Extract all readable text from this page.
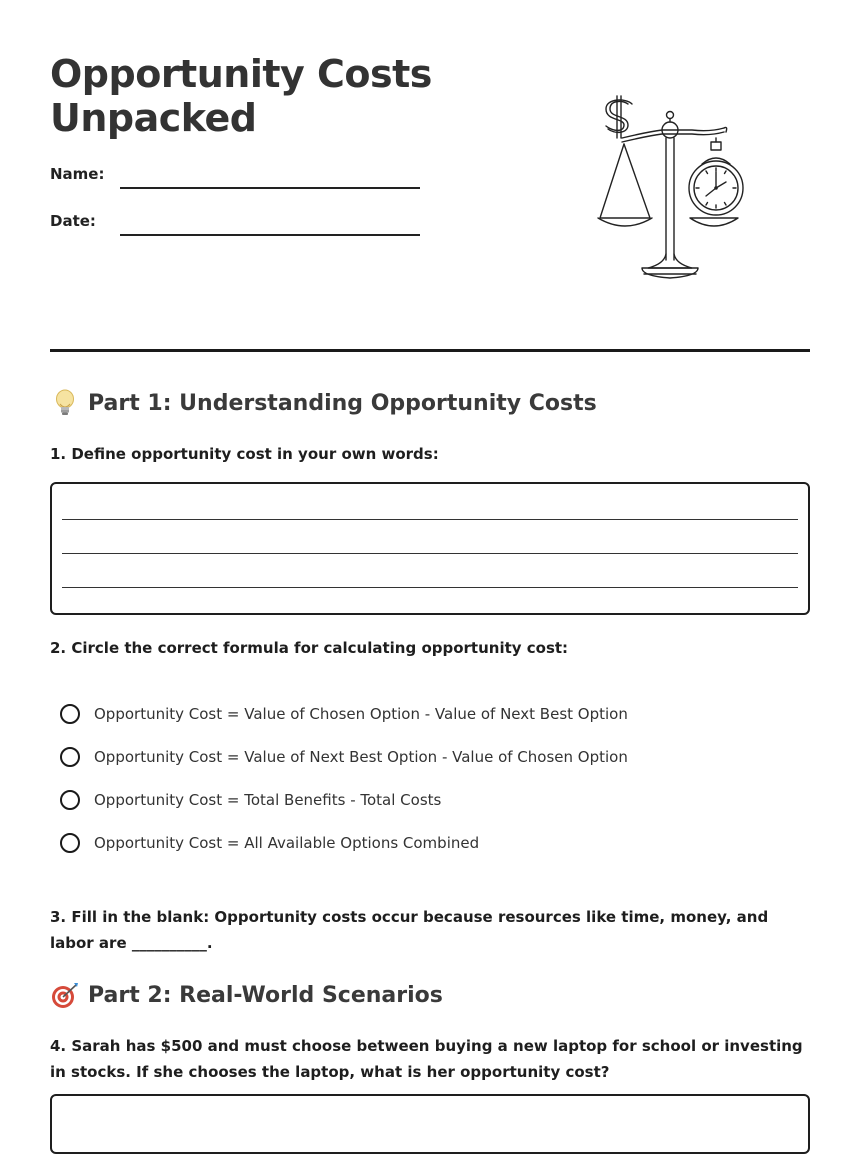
Opportunity Costs Unpacked
Name:
Date:
Part 1: Understanding Opportunity Costs

1. Define opportunity cost in your own words:

2. Circle the correct formula for calculating opportunity cost:

Opportunity Cost = Value of Chosen Option - Value of Next Best Option
Opportunity Cost = Value of Next Best Option - Value of Chosen Option
Opportunity Cost = Total Benefits - Total Costs
Opportunity Cost = All Available Options Combined

3. Fill in the blank: Opportunity costs occur because resources like time, money, and labor are __________.

Part 2: Real-World Scenarios

4. Sarah has $500 and must choose between buying a new laptop for school or investing in stocks. If she chooses the laptop, what is her opportunity cost?
